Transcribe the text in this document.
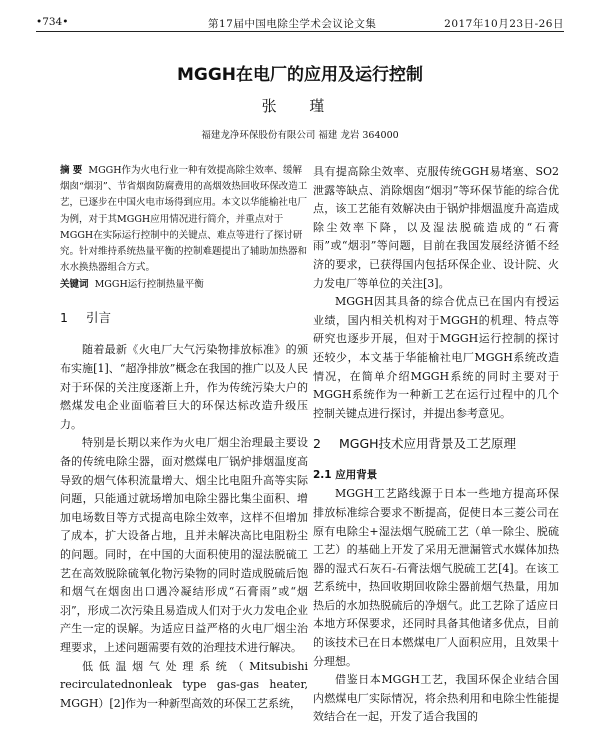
•734•	第17届中国电除尘学术会议论文集	2017年10月23日-26日
MGGH在电厂的应用及运行控制
张 瑾
福建龙净环保股份有限公司 福建 龙岩 364000
摘 要 MGGH作为火电行业一种有效提高除尘效率、缓解烟囱“烟羽”、节省烟囱防腐费用的高烟效热回收环保改造工艺，已逐步在中国火电市场得到应用。本文以华能榆社电厂为例，对于其MGGH应用情况进行简介，并重点对于MGGH在实际运行控制中的关键点、难点等进行了探讨研究。针对维持系统热量平衡的控制难题提出了辅助加热器和水水换热器组合方式。
关键词 MGGH运行控制热量平衡
1 引言

随着最新《火电厂大气污染物排放标准》的颁布实施[1]、“超净排放”概念在我国的推广以及人民对于环保的关注度逐渐上升，作为传统污染大户的燃煤发电企业面临着巨大的环保达标改造升级压力。

特别是长期以来作为火电厂烟尘治理最主要设备的传统电除尘器，面对燃煤电厂锅炉排烟温度高导致的烟气体积流量增大、烟尘比电阻升高等实际问题，只能通过就场增加电除尘器比集尘面积、增加电场数目等方式提高电除尘效率，这样不但增加了成本，扩大设备占地，且并未解决高比电阻粉尘的问题。同时，在中国的大面积使用的湿法脱硫工艺在高效脱除硫氧化物污染物的同时造成脱硫后饱和烟气在烟囱出口遇冷凝结形成“石膏雨”或“烟羽”，形成二次污染且易造成人们对于火力发电企业产生一定的误解。为适应日益严格的火电厂烟尘治理要求，上述问题需要有效的治理技术进行解决。

低低温烟气处理系统（Mitsubishi recirculatednonleak type gas-gas heater, MGGH）[2]作为一种新型高效的环保工艺系统，

具有提高除尘效率、克服传统GGH易堵塞、SO2泄露等缺点、消除烟囱“烟羽”等环保节能的综合优点，该工艺能有效解决由于锅炉排烟温度升高造成除尘效率下降，以及湿法脱硫造成的“石膏雨”或“烟羽”等问题，目前在我国发展经济循不经济的要求，已获得国内包括环保企业、设计院、火力发电厂等单位的关注[3]。

MGGH因其具备的综合优点已在国内有授运业绩，国内相关机构对于MGGH的机理、特点等研究也逐步开展，但对于MGGH运行控制的探讨还较少，本文基于华能榆社电厂MGGH系统改造情况，在简单介绍MGGH系统的同时主要对于MGGH系统作为一种新工艺在运行过程中的几个控制关键点进行探讨，并提出参考意见。

2 MGGH技术应用背景及工艺原理
2.1 应用背景

MGGH工艺路线源于日本一些地方提高环保排放标准综合要求不断提高，促使日本三菱公司在原有电除尘+湿法烟气脱硫工艺（单一除尘、脱硫工艺）的基础上开发了采用无泄漏管式水媒体加热器的湿式石灰石-石膏法烟气脱硫工艺[4]。在该工艺系统中，热回收期回收除尘器前烟气热量，用加热后的水加热脱硫后的净烟气。此工艺除了适应日本地方环保要求，还同时具备其他诸多优点，目前的该技术已在日本燃煤电厂人面积应用，且效果十分理想。

借鉴日本MGGH工艺，我国环保企业结合国内燃煤电厂实际情况，将余热利用和电除尘性能提效结合在一起，开发了适合我国的
